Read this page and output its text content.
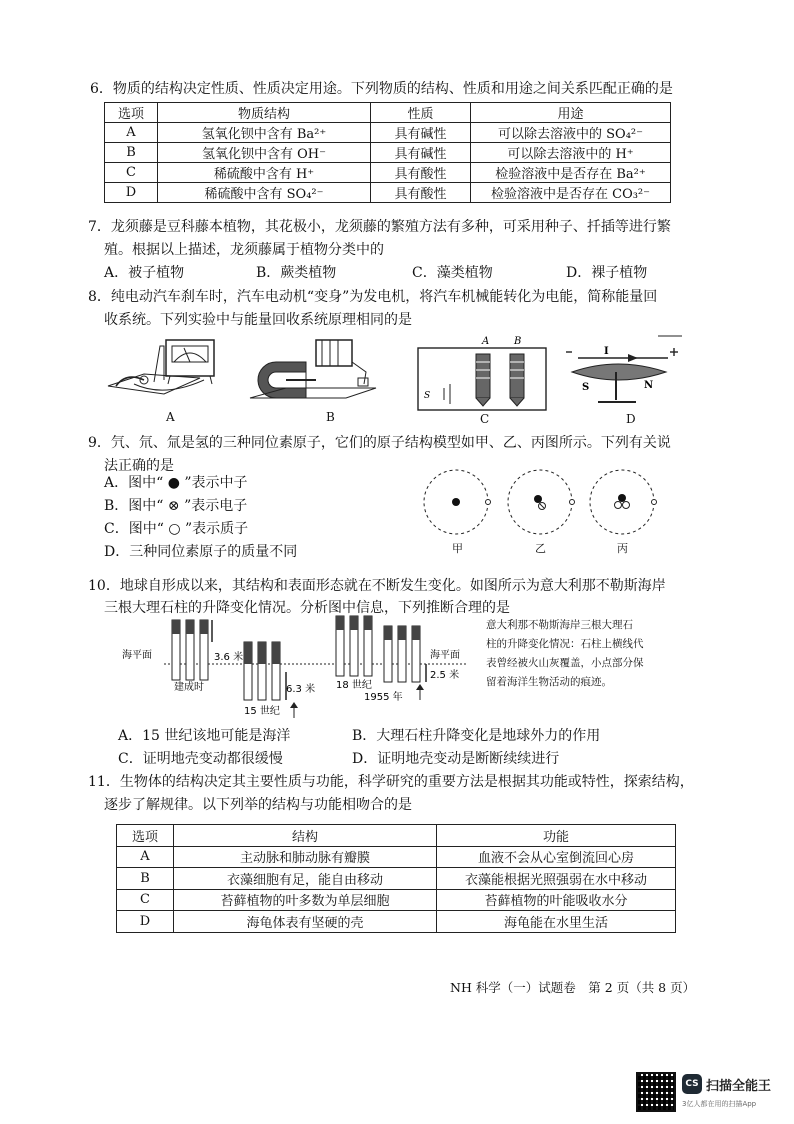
6．物质的结构决定性质、性质决定用途。下列物质的结构、性质和用途之间关系匹配正确的是
选项	物质结构	性质	用途
A	氢氧化钡中含有 Ba²⁺	具有碱性	可以除去溶液中的 SO₄²⁻
B	氢氧化钡中含有 OH⁻	具有碱性	可以除去溶液中的 H⁺
C	稀硫酸中含有 H⁺	具有酸性	检验溶液中是否存在 Ba²⁺
D	稀硫酸中含有 SO₄²⁻	具有酸性	检验溶液中是否存在 CO₃²⁻
7．龙须藤是豆科藤本植物，其花极小，龙须藤的繁殖方法有多种，可采用种子、扦插等进行繁
殖。根据以上描述，龙须藤属于植物分类中的
A．被子植物	B．蕨类植物	C．藻类植物	D．裸子植物
8．纯电动汽车刹车时，汽车电动机“变身”为发电机，将汽车机械能转化为电能，简称能量回
收系统。下列实验中与能量回收系统原理相同的是
A	B
A B
S
C
I
S	N
D
9．氕、氘、氚是氢的三种同位素原子，它们的原子结构模型如甲、乙、丙图所示。下列有关说
法正确的是
A．图中“ ● ”表示中子
B．图中“ ⊗ ”表示电子
C．图中“ ○ ”表示质子
D．三种同位素原子的质量不同	甲	乙	丙
10．地球自形成以来，其结构和表面形态就在不断发生变化。如图所示为意大利那不勒斯海岸
三根大理石柱的升降变化情况。分析图中信息，下列推断合理的是
海平面	海平面
3.6 米
6.3 米
2.5 米
建成时
15 世纪
18 世纪
1955 年
意大利那不勒斯海岸三根大理石
柱的升降变化情况：石柱上横线代
表曾经被火山灰覆盖，小点部分保
留着海洋生物活动的痕迹。
A．15 世纪该地可能是海洋	B．大理石柱升降变化是地球外力的作用
C．证明地壳变动都很缓慢	D．证明地壳变动是断断续续进行
11．生物体的结构决定其主要性质与功能，科学研究的重要方法是根据其功能或特性，探索结构，
逐步了解规律。以下列举的结构与功能相吻合的是
选项	结构	功能
A	主动脉和肺动脉有瓣膜	血液不会从心室倒流回心房
B	衣藻细胞有足，能自由移动	衣藻能根据光照强弱在水中移动
C	苔藓植物的叶多数为单层细胞	苔藓植物的叶能吸收水分
D	海龟体表有坚硬的壳	海龟能在水里生活
NH 科学（一）试题卷　第 2 页（共 8 页）
CS 扫描全能王
3亿人都在用的扫描App
